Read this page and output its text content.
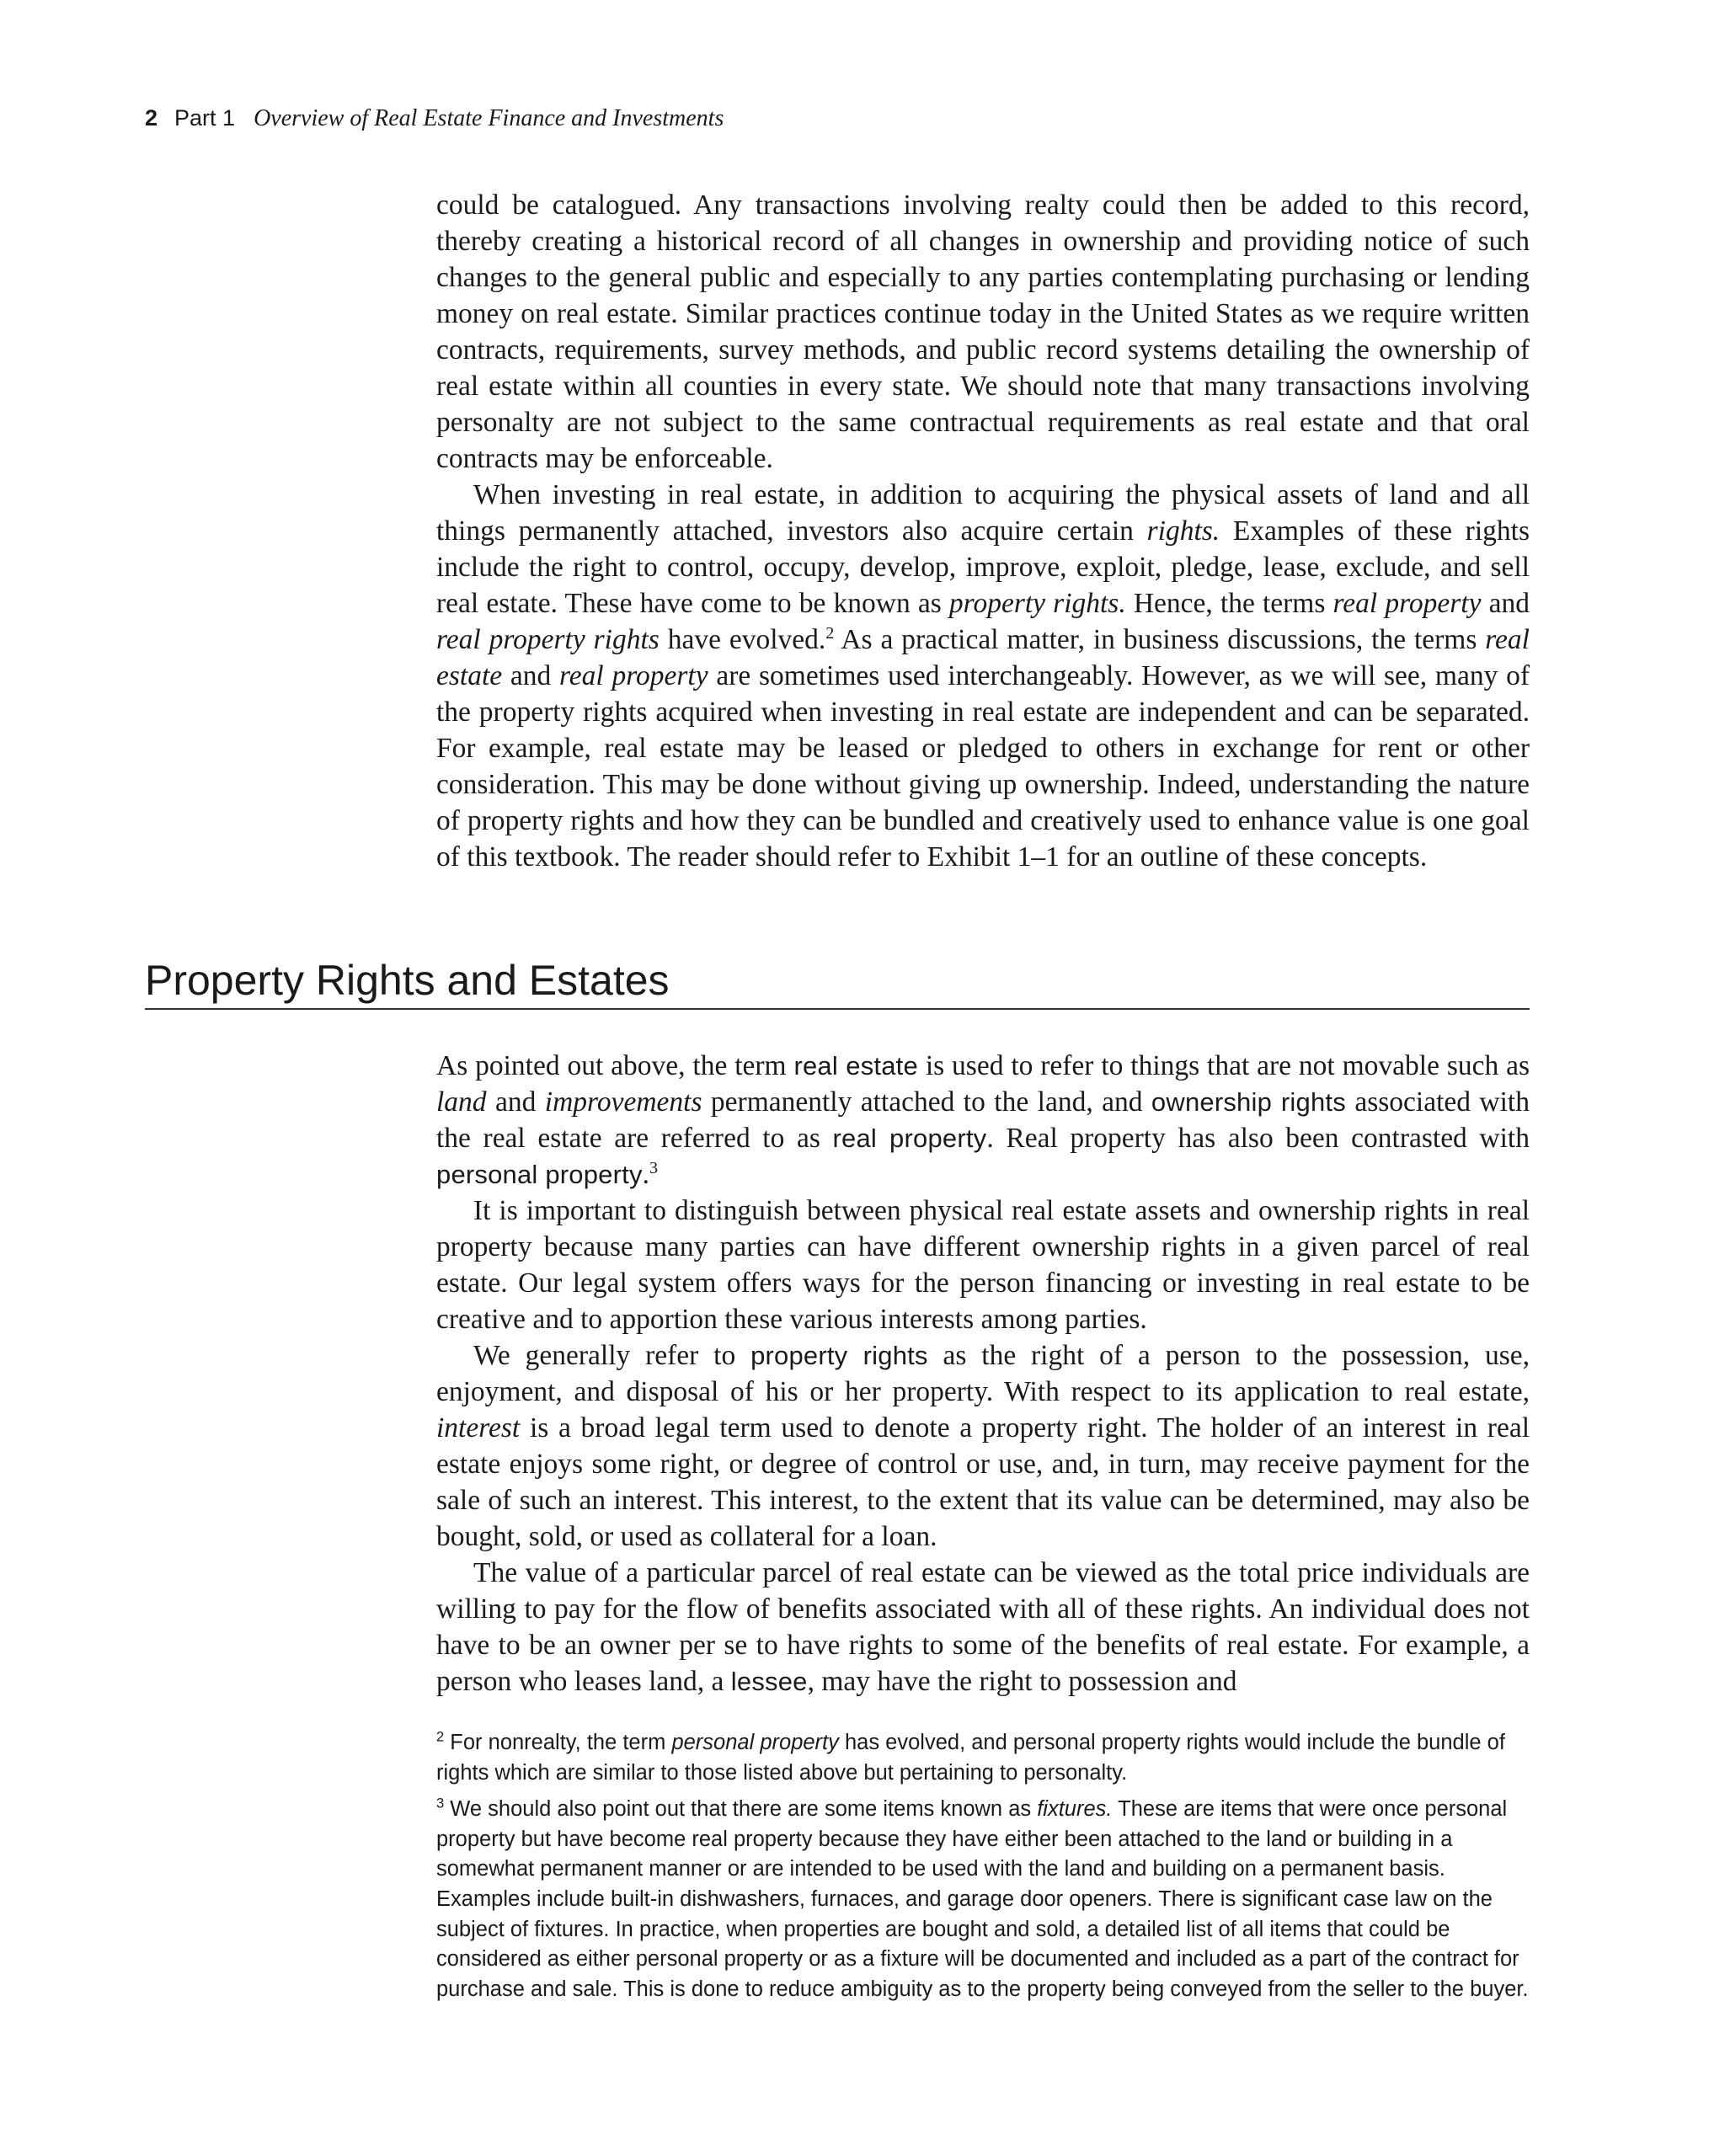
2 Part 1 Overview of Real Estate Finance and Investments

could be catalogued. Any transactions involving realty could then be added to this record, thereby creating a historical record of all changes in ownership and providing notice of such changes to the general public and especially to any parties contemplating purchasing or lending money on real estate. Similar practices continue today in the United States as we require written contracts, requirements, survey methods, and public record systems detailing the ownership of real estate within all counties in every state. We should note that many transactions involving personalty are not subject to the same contractual requirements as real estate and that oral contracts may be enforceable.

When investing in real estate, in addition to acquiring the physical assets of land and all things permanently attached, investors also acquire certain rights. Examples of these rights include the right to control, occupy, develop, improve, exploit, pledge, lease, exclude, and sell real estate. These have come to be known as property rights. Hence, the terms real property and real property rights have evolved.$^2$ As a practical matter, in business discussions, the terms real estate and real property are sometimes used interchangeably. However, as we will see, many of the property rights acquired when investing in real estate are independent and can be separated. For example, real estate may be leased or pledged to others in exchange for rent or other consideration. This may be done without giving up ownership. Indeed, understanding the nature of property rights and how they can be bundled and creatively used to enhance value is one goal of this textbook. The reader should refer to Exhibit 1–1 for an outline of these concepts.

Property Rights and Estates

As pointed out above, the term real estate is used to refer to things that are not movable such as land and improvements permanently attached to the land, and ownership rights associated with the real estate are referred to as real property. Real property has also been contrasted with personal property.$^3$

It is important to distinguish between physical real estate assets and ownership rights in real property because many parties can have different ownership rights in a given parcel of real estate. Our legal system offers ways for the person financing or investing in real estate to be creative and to apportion these various interests among parties.

We generally refer to property rights as the right of a person to the possession, use, enjoyment, and disposal of his or her property. With respect to its application to real estate, interest is a broad legal term used to denote a property right. The holder of an interest in real estate enjoys some right, or degree of control or use, and, in turn, may receive payment for the sale of such an interest. This interest, to the extent that its value can be determined, may also be bought, sold, or used as collateral for a loan.

The value of a particular parcel of real estate can be viewed as the total price individuals are willing to pay for the flow of benefits associated with all of these rights. An individual does not have to be an owner per se to have rights to some of the benefits of real estate. For example, a person who leases land, a lessee, may have the right to possession and

$^2$ For nonrealty, the term personal property has evolved, and personal property rights would include the bundle of rights which are similar to those listed above but pertaining to personalty.

$^3$ We should also point out that there are some items known as fixtures. These are items that were once personal property but have become real property because they have either been attached to the land or building in a somewhat permanent manner or are intended to be used with the land and building on a permanent basis. Examples include built-in dishwashers, furnaces, and garage door openers. There is significant case law on the subject of fixtures. In practice, when properties are bought and sold, a detailed list of all items that could be considered as either personal property or as a fixture will be documented and included as a part of the contract for purchase and sale. This is done to reduce ambiguity as to the property being conveyed from the seller to the buyer.
